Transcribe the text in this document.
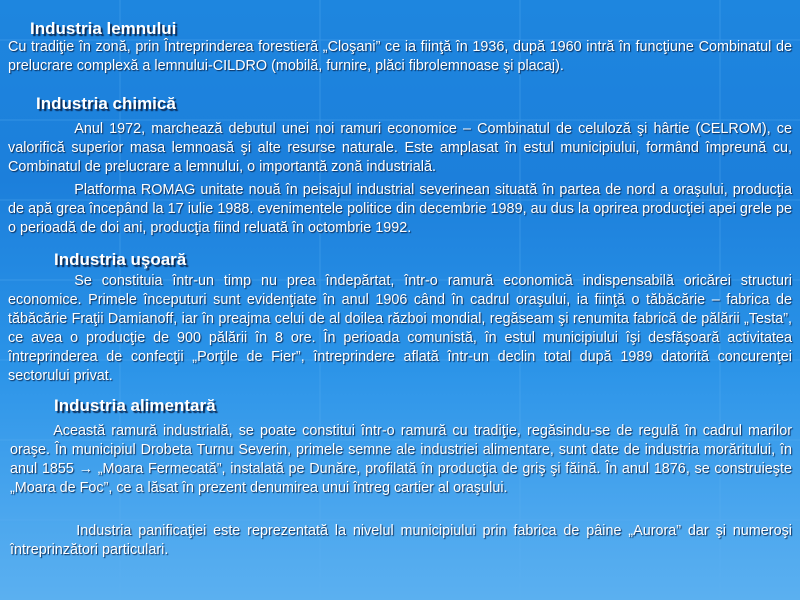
Industria lemnului

Cu tradiţie în zonă, prin Întreprinderea forestieră „Cloşani” ce ia fiinţă în 1936, după 1960 intră în funcţiune Combinatul de prelucrare complexă a lemnului-CILDRO (mobilă, furnire, plăci fibrolemnoase şi placaj).

Industria chimică

Anul 1972, marchează debutul unei noi ramuri economice – Combinatul de celuloză şi hârtie (CELROM), ce valorifică superior masa lemnoasă şi alte resurse naturale. Este amplasat în estul municipiului, formând împreună cu, Combinatul de prelucrare a lemnului, o importantă zonă industrială.

Platforma ROMAG unitate nouă în peisajul industrial severinean situată în partea de nord a oraşului, producţia de apă grea începând la 17 iulie 1988. evenimentele politice din decembrie 1989, au dus la oprirea producţiei apei grele pe o perioadă de doi ani, producţia fiind reluată în octombrie 1992.

Industria uşoară

Se constituia într-un timp nu prea îndepărtat, într-o ramură economică indispensabilă oricărei structuri economice. Primele începuturi sunt evidenţiate în anul 1906 când în cadrul oraşului, ia fiinţă o tăbăcărie – fabrica de tăbăcărie Fraţii Damianoff, iar în preajma celui de al doilea război mondial, regăseam şi renumita fabrică de pălării „Testa”, ce avea o producţie de 900 pălării în 8 ore. În perioada comunistă, în estul municipiului îşi desfăşoară activitatea întreprinderea de confecţii „Porţile de Fier”, întreprindere aflată într-un declin total după 1989 datorită concurenţei sectorului privat.

Industria alimentară

Această ramură industrială, se poate constitui într-o ramură cu tradiţie, regăsindu-se de regulă în cadrul marilor oraşe. În municipiul Drobeta Turnu Severin, primele semne ale industriei alimentare, sunt date de industria morăritului, în anul 1855 → „Moara Fermecată”, instalată pe Dunăre, profilată în producţia de griş şi făină. În anul 1876, se construieşte „Moara de Foc”, ce a lăsat în prezent denumirea unui întreg cartier al oraşului.

Industria panificaţiei este reprezentată la nivelul municipiului prin fabrica de pâine „Aurora” dar şi numeroşi întreprinzători particulari.
